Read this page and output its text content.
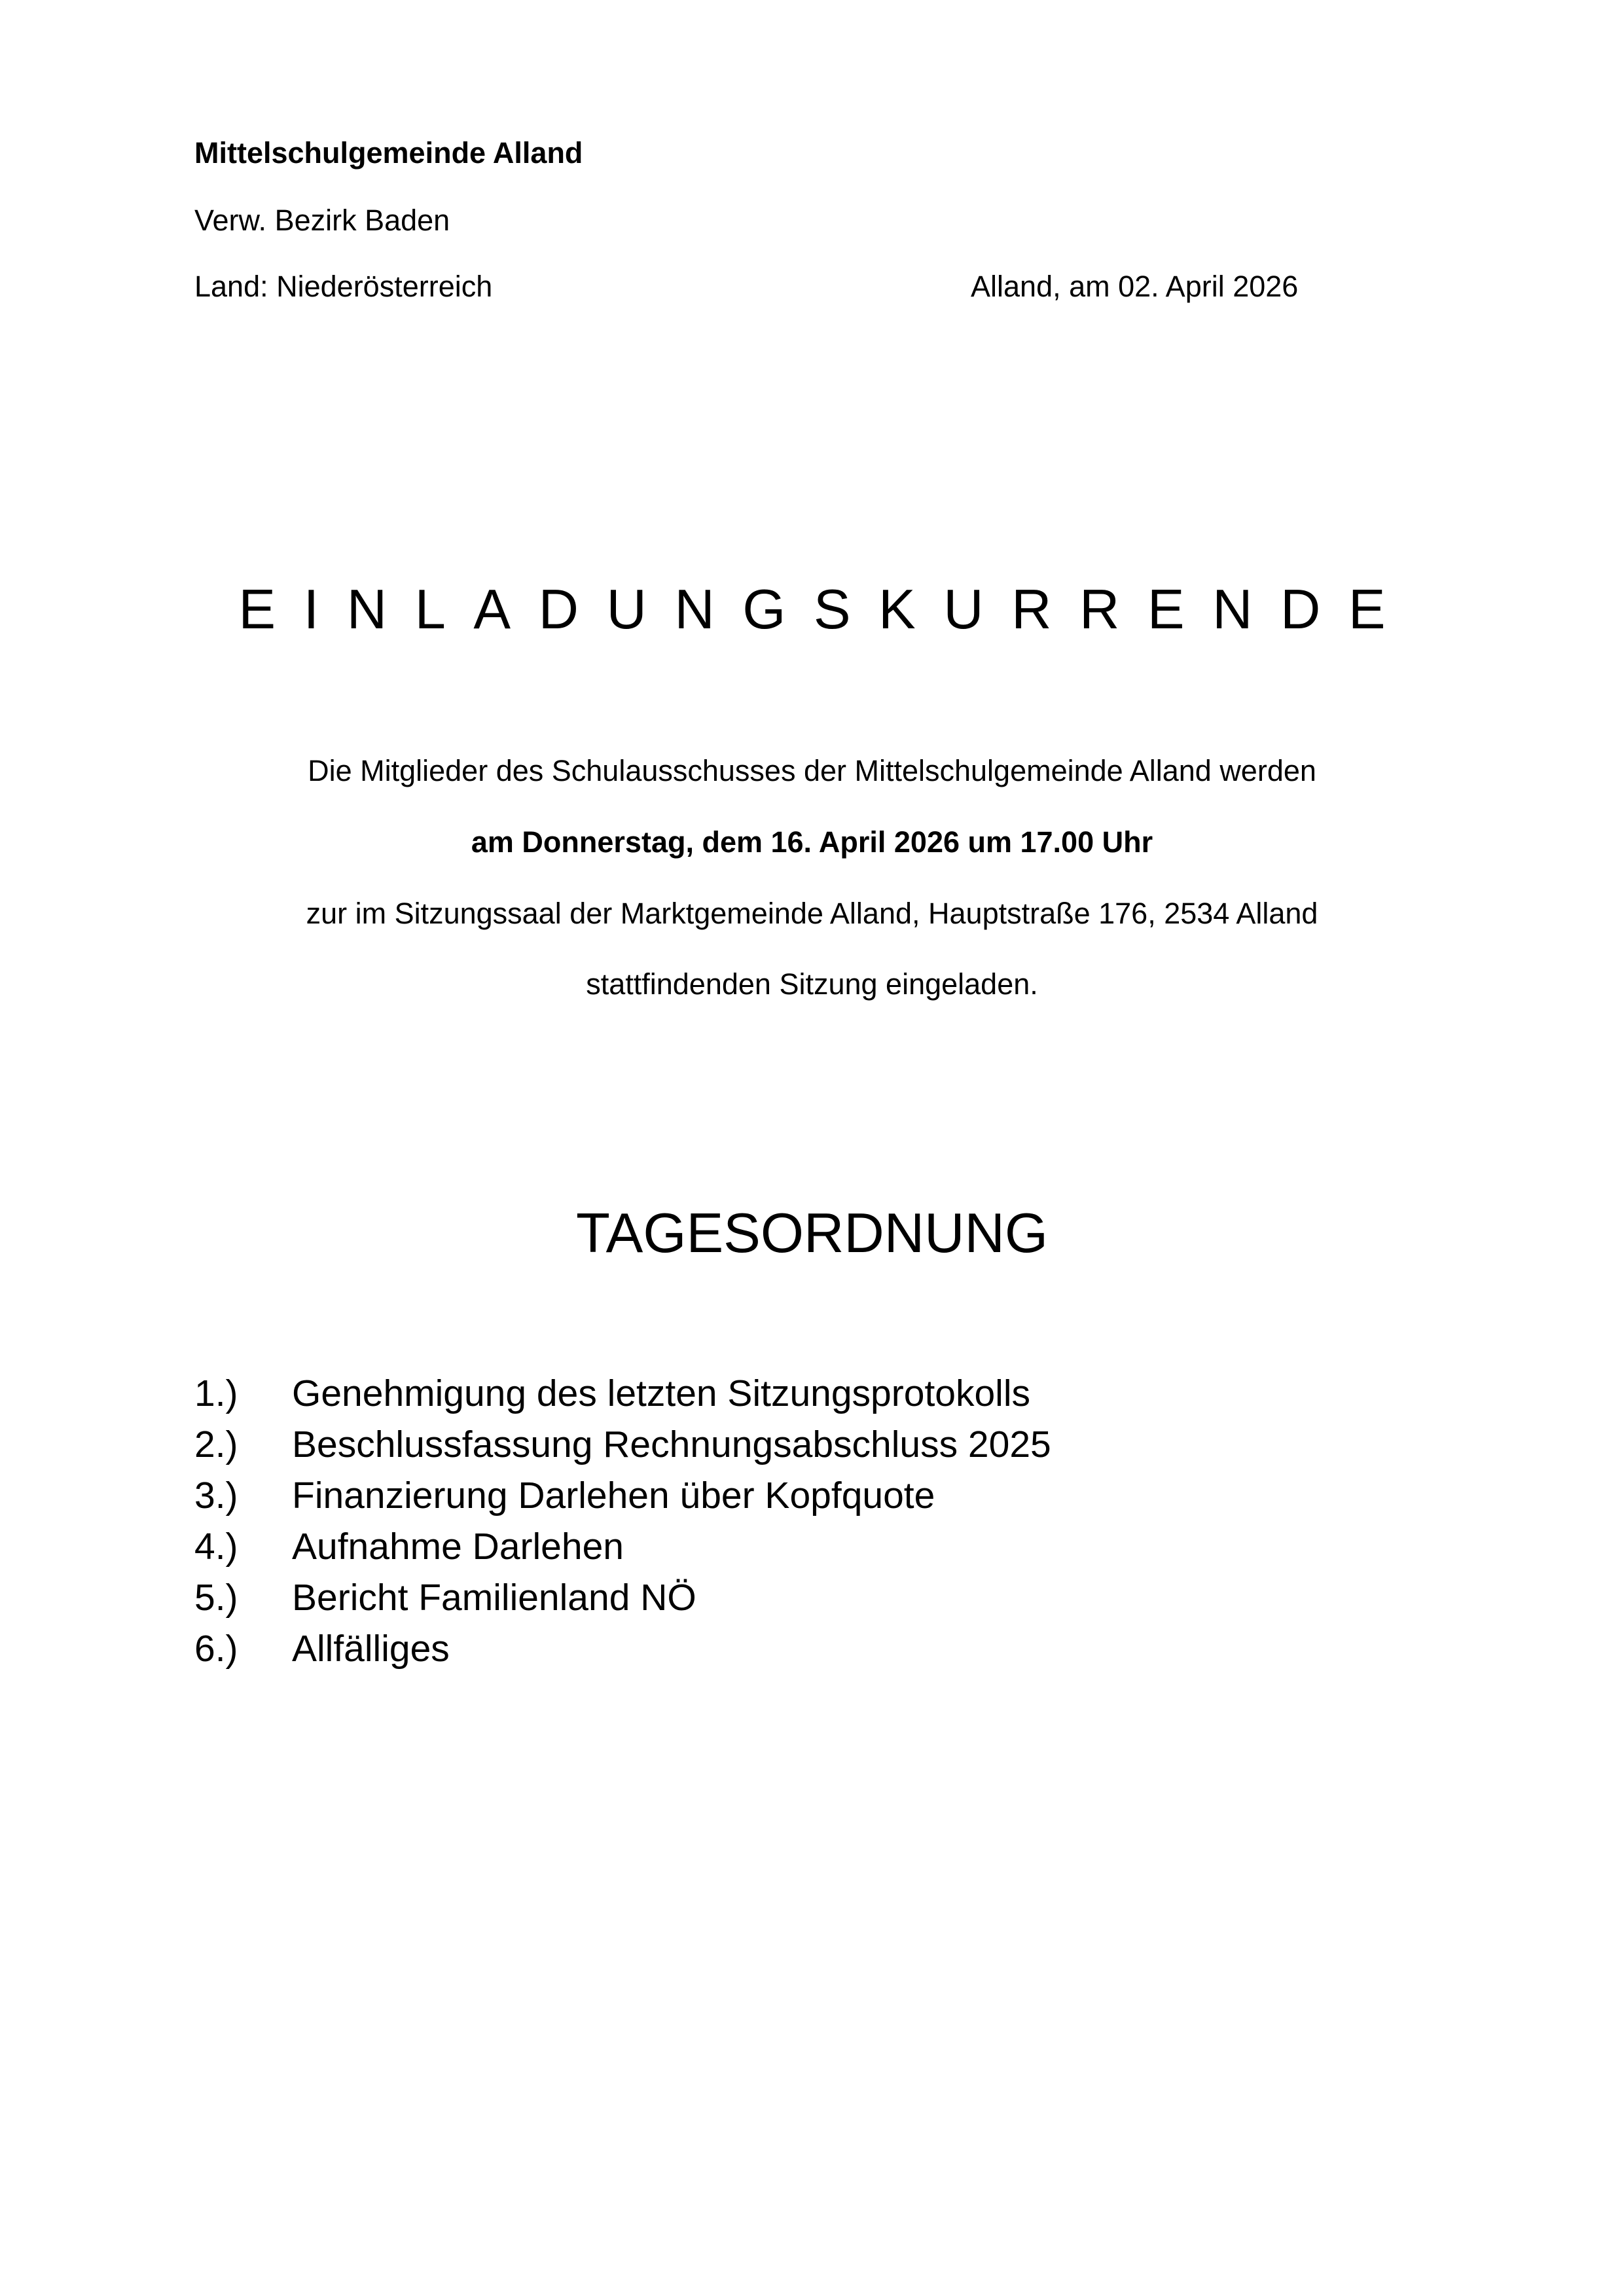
Mittelschulgemeinde Alland
Verw. Bezirk Baden
Land: Niederösterreich	Alland, am 02. April 2026
EINLADUNGSKURRENDE
Die Mitglieder des Schulausschusses der Mittelschulgemeinde Alland werden
am Donnerstag, dem 16. April 2026 um 17.00 Uhr
zur im Sitzungssaal der Marktgemeinde Alland, Hauptstraße 176, 2534 Alland
stattfindenden Sitzung eingeladen.
TAGESORDNUNG
1.)	Genehmigung des letzten Sitzungsprotokolls
2.)	Beschlussfassung Rechnungsabschluss 2025
3.)	Finanzierung Darlehen über Kopfquote
4.)	Aufnahme Darlehen
5.)	Bericht Familienland NÖ
6.)	Allfälliges
